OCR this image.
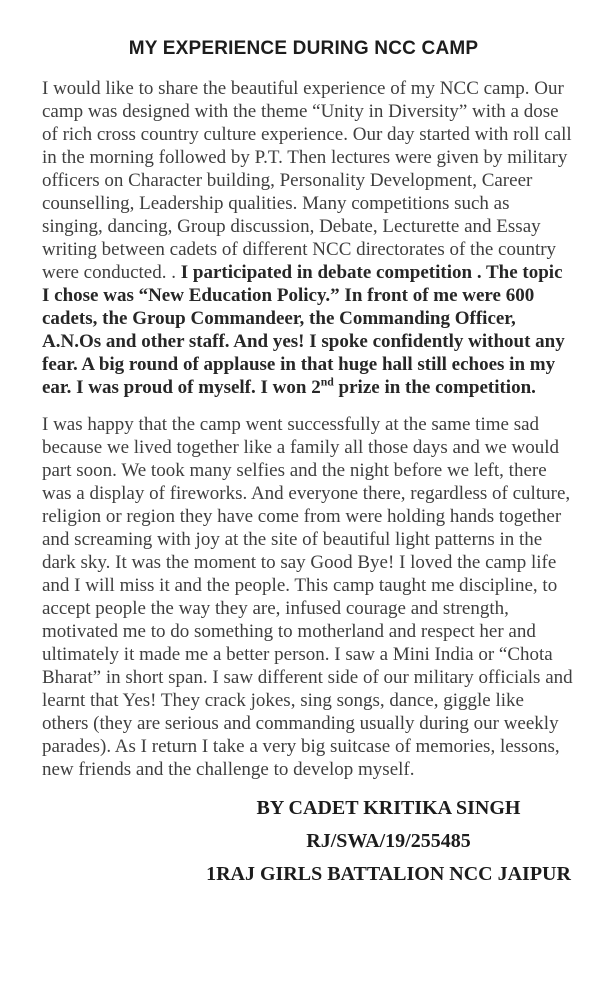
MY EXPERIENCE DURING NCC CAMP

I would like to share the beautiful experience of my NCC camp. Our camp was designed with the theme “Unity in Diversity” with a dose of rich cross country culture experience. Our day started with roll call in the morning followed by P.T. Then lectures were given by military officers on Character building, Personality Development, Career counselling, Leadership qualities. Many competitions such as singing, dancing, Group discussion, Debate, Lecturette and Essay writing between cadets of different NCC directorates of the country were conducted. . I participated in debate competition . The topic I chose was “New Education Policy.” In front of me were 600 cadets, the Group Commandeer, the Commanding Officer, A.N.Os and other staff. And yes! I spoke confidently without any fear. A big round of applause in that huge hall still echoes in my ear. I was proud of myself. I won 2nd prize in the competition.

I was happy that the camp went successfully at the same time sad because we lived together like a family all those days and we would part soon. We took many selfies and the night before we left, there was a display of fireworks. And everyone there, regardless of culture, religion or region they have come from were holding hands together and screaming with joy at the site of beautiful light patterns in the dark sky. It was the moment to say Good Bye! I loved the camp life and I will miss it and the people. This camp taught me discipline, to accept people the way they are, infused courage and strength, motivated me to do something to motherland and respect her and ultimately it made me a better person. I saw a Mini India or “Chota  Bharat” in short span. I saw different side of our military officials and learnt that Yes! They crack jokes, sing songs, dance, giggle like others (they are serious and commanding usually during our weekly parades). As I return I take a very big suitcase of memories, lessons, new friends and the challenge to develop myself.

BY CADET KRITIKA SINGH
RJ/SWA/19/255485
1RAJ GIRLS BATTALION NCC JAIPUR
